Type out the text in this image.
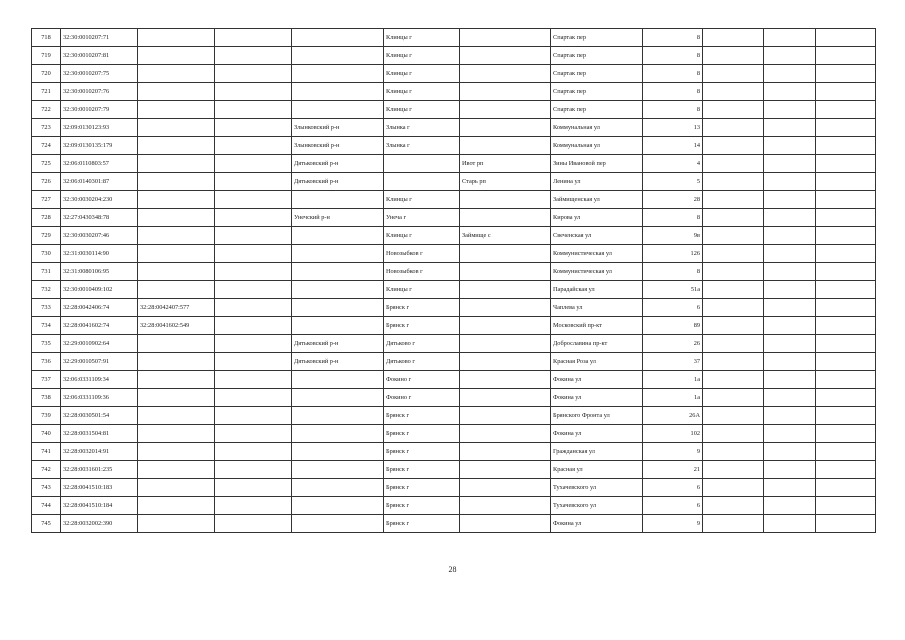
718	32:30:0010207:71				Клинцы г		Спартак пер	8			
719	32:30:0010207:81				Клинцы г		Спартак пер	8			
720	32:30:0010207:75				Клинцы г		Спартак пер	8			
721	32:30:0010207:76				Клинцы г		Спартак пер	8			
722	32:30:0010207:79				Клинцы г		Спартак пер	8			
723	32:09:0130123:93			Злынковский р-н	Злынка г		Коммунальная ул	13			
724	32:09:0130135:179			Злынковский р-н	Злынка г		Коммунальная ул	14			
725	32:06:0110803:57			Дятьковский р-н		Ивот рп	Зины Ивановой пер	4			
726	32:06:0140301:87			Дятьковский р-н		Старь рп	Ленина ул	5			
727	32:30:0030204:230				Клинцы г		Займищенская ул	28			
728	32:27:0430348:78			Унечский р-н	Унеча г		Кирова ул	8			
729	32:30:0030207:46				Клинцы г	Займище с	Свеченская ул	9в			
730	32:31:0030114:90				Новозыбков г		Коммунистическая ул	126			
731	32:31:0080106:95				Новозыбков г		Коммунистическая ул	8			
732	32:30:0010409:102				Клинцы г		Парадайская ул	51а			
733	32:28:0042406:74	32:28:0042407:577			Брянск г		Чаплева ул	6			
734	32:28:0041602:74	32:28:0041602:549			Брянск г		Московский пр-кт	89			
735	32:29:0010902:64			Дятьковский р-н	Дятьково г		Доброславина пр-кт	26			
736	32:29:0010507:91			Дятьковский р-н	Дятьково г		Красная Роза ул	37			
737	32:06:0331109:34				Фокино г		Фокина ул	1а			
738	32:06:0331109:36				Фокино г		Фокина ул	1а			
739	32:28:0030501:54				Брянск г		Брянского Фронта ул	26А			
740	32:28:0031504:81				Брянск г		Фокина ул	102			
741	32:28:0032014:91				Брянск г		Гражданская ул	9			
742	32:28:0031601:235				Брянск г		Красная ул	21			
743	32:28:0041510:183				Брянск г		Тухачевского ул	6			
744	32:28:0041510:184				Брянск г		Тухачевского ул	6			
745	32:28:0032002:390				Брянск г		Фокина ул	9			
28
